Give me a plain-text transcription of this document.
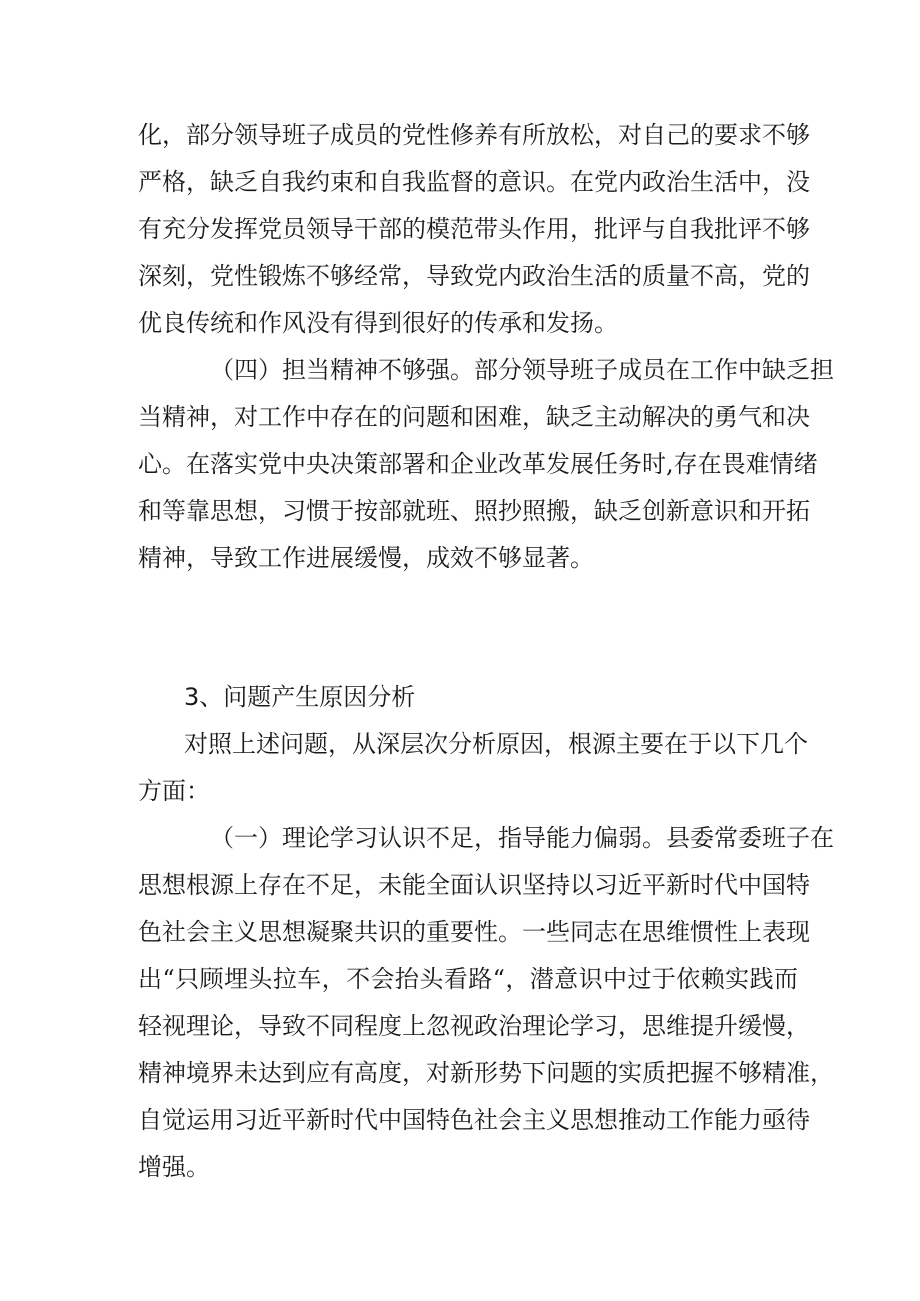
化，部分领导班子成员的党性修养有所放松，对自己的要求不够
严格，缺乏自我约束和自我监督的意识。在党内政治生活中，没
有充分发挥党员领导干部的模范带头作用，批评与自我批评不够
深刻，党性锻炼不够经常，导致党内政治生活的质量不高，党的
优良传统和作风没有得到很好的传承和发扬。
（四）担当精神不够强。部分领导班子成员在工作中缺乏担
当精神，对工作中存在的问题和困难，缺乏主动解决的勇气和决
心。在落实党中央决策部署和企业改革发展任务时,存在畏难情绪
和等靠思想，习惯于按部就班、照抄照搬，缺乏创新意识和开拓
精神，导致工作进展缓慢，成效不够显著。
3、问题产生原因分析
对照上述问题，从深层次分析原因，根源主要在于以下几个
方面：
（一）理论学习认识不足，指导能力偏弱。县委常委班子在
思想根源上存在不足，未能全面认识坚持以习近平新时代中国特
色社会主义思想凝聚共识的重要性。一些同志在思维惯性上表现
出“只顾埋头拉车，不会抬头看路“，潜意识中过于依赖实践而
轻视理论，导致不同程度上忽视政治理论学习，思维提升缓慢，
精神境界未达到应有高度，对新形势下问题的实质把握不够精准，
自觉运用习近平新时代中国特色社会主义思想推动工作能力亟待
增强。
